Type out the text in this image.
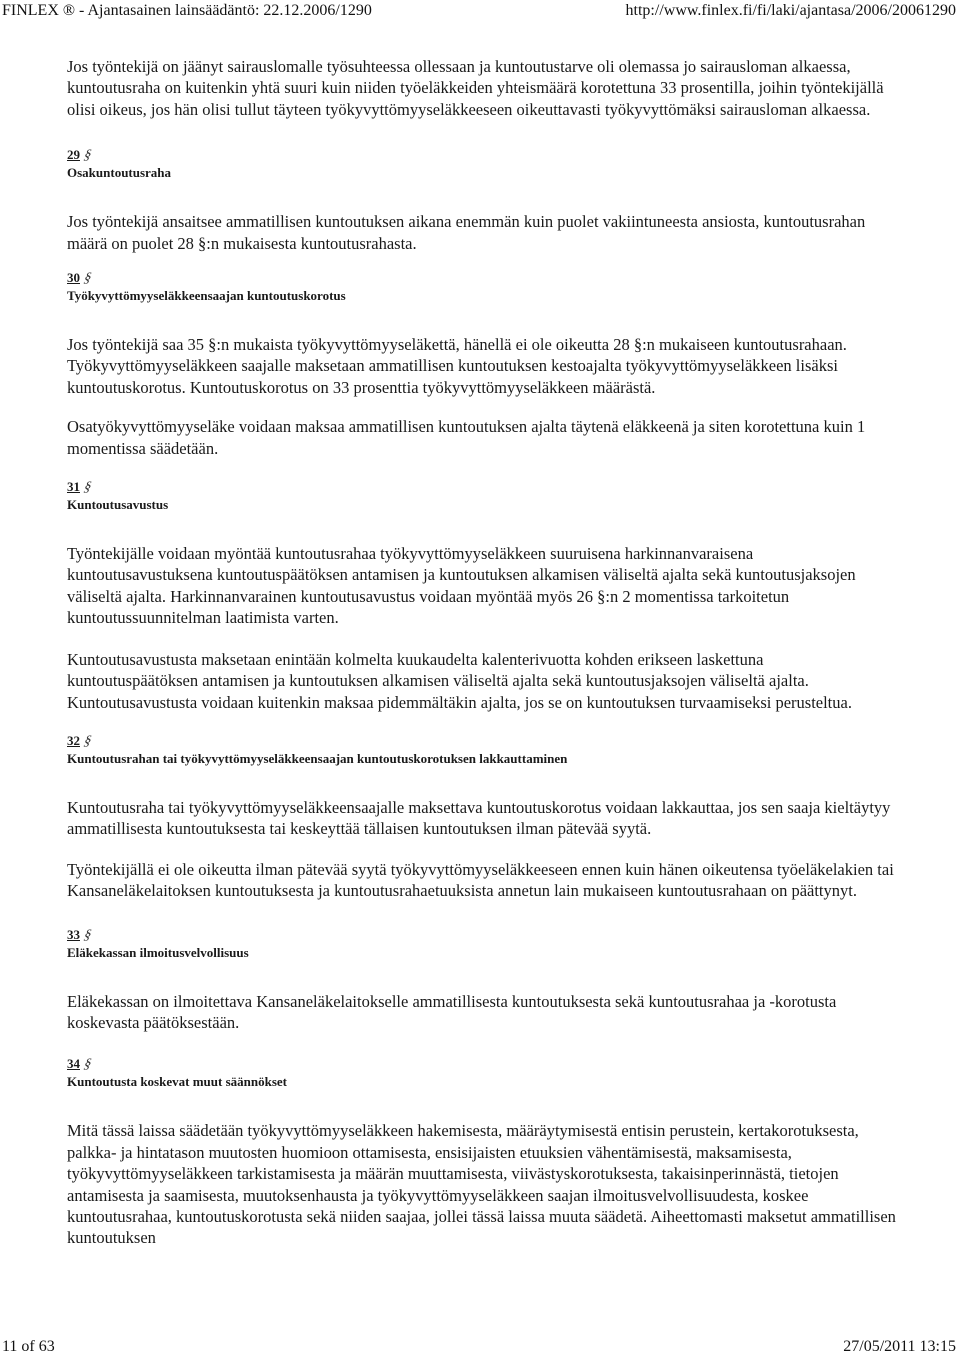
FINLEX ® - Ajantasainen lainsäädäntö: 22.12.2006/1290	http://www.finlex.fi/fi/laki/ajantasa/2006/20061290

Jos työntekijä on jäänyt sairauslomalle työsuhteessa ollessaan ja kuntoutustarve oli olemassa jo sairausloman alkaessa, kuntoutusraha on kuitenkin yhtä suuri kuin niiden työeläkkeiden yhteismäärä korotettuna 33 prosentilla, joihin työntekijällä olisi oikeus, jos hän olisi tullut täyteen työkyvyttömyyseläkkeeseen oikeuttavasti työkyvyttömäksi sairausloman alkaessa.

29
§
Osakuntoutusraha

Jos työntekijä ansaitsee ammatillisen kuntoutuksen aikana enemmän kuin puolet vakiintuneesta ansiosta, kuntoutusrahan määrä on puolet 28 §:n mukaisesta kuntoutusrahasta.

30
§
Työkyvyttömyyseläkkeensaajan kuntoutuskorotus

Jos työntekijä saa 35 §:n mukaista työkyvyttömyyseläkettä, hänellä ei ole oikeutta 28 §:n mukaiseen kuntoutusrahaan. Työkyvyttömyyseläkkeen saajalle maksetaan ammatillisen kuntoutuksen kestoajalta työkyvyttömyyseläkkeen lisäksi kuntoutuskorotus. Kuntoutuskorotus on 33 prosenttia työkyvyttömyyseläkkeen määrästä.

Osatyökyvyttömyyseläke voidaan maksaa ammatillisen kuntoutuksen ajalta täytenä eläkkeenä ja siten korotettuna kuin 1 momentissa säädetään.

31
§
Kuntoutusavustus

Työntekijälle voidaan myöntää kuntoutusrahaa työkyvyttömyyseläkkeen suuruisena harkinnanvaraisena kuntoutusavustuksena kuntoutuspäätöksen antamisen ja kuntoutuksen alkamisen väliseltä ajalta sekä kuntoutusjaksojen väliseltä ajalta. Harkinnanvarainen kuntoutusavustus voidaan myöntää myös 26 §:n 2 momentissa tarkoitetun kuntoutussuunnitelman laatimista varten.

Kuntoutusavustusta maksetaan enintään kolmelta kuukaudelta kalenterivuotta kohden erikseen laskettuna kuntoutuspäätöksen antamisen ja kuntoutuksen alkamisen väliseltä ajalta sekä kuntoutusjaksojen väliseltä ajalta. Kuntoutusavustusta voidaan kuitenkin maksaa pidemmältäkin ajalta, jos se on kuntoutuksen turvaamiseksi perusteltua.

32
§
Kuntoutusrahan tai työkyvyttömyyseläkkeensaajan kuntoutuskorotuksen lakkauttaminen

Kuntoutusraha tai työkyvyttömyyseläkkeensaajalle maksettava kuntoutuskorotus voidaan lakkauttaa, jos sen saaja kieltäytyy ammatillisesta kuntoutuksesta tai keskeyttää tällaisen kuntoutuksen ilman pätevää syytä.

Työntekijällä ei ole oikeutta ilman pätevää syytä työkyvyttömyyseläkkeeseen ennen kuin hänen oikeutensa työeläkelakien tai Kansaneläkelaitoksen kuntoutuksesta ja kuntoutusrahaetuuksista annetun lain mukaiseen kuntoutusrahaan on päättynyt.

33
§
Eläkekassan ilmoitusvelvollisuus

Eläkekassan on ilmoitettava Kansaneläkelaitokselle ammatillisesta kuntoutuksesta sekä kuntoutusrahaa ja -korotusta koskevasta päätöksestään.

34
§
Kuntoutusta koskevat muut säännökset

Mitä tässä laissa säädetään työkyvyttömyyseläkkeen hakemisesta, määräytymisestä entisin perustein, kertakorotuksesta, palkka- ja hintatason muutosten huomioon ottamisesta, ensisijaisten etuuksien vähentämisestä, maksamisesta, työkyvyttömyyseläkkeen tarkistamisesta ja määrän muuttamisesta, viivästyskorotuksesta, takaisinperinnästä, tietojen antamisesta ja saamisesta, muutoksenhausta ja työkyvyttömyyseläkkeen saajan ilmoitusvelvollisuudesta, koskee kuntoutusrahaa, kuntoutuskorotusta sekä niiden saajaa, jollei tässä laissa muuta säädetä. Aiheettomasti maksetut ammatillisen kuntoutuksen

11 of 63	27/05/2011 13:15
